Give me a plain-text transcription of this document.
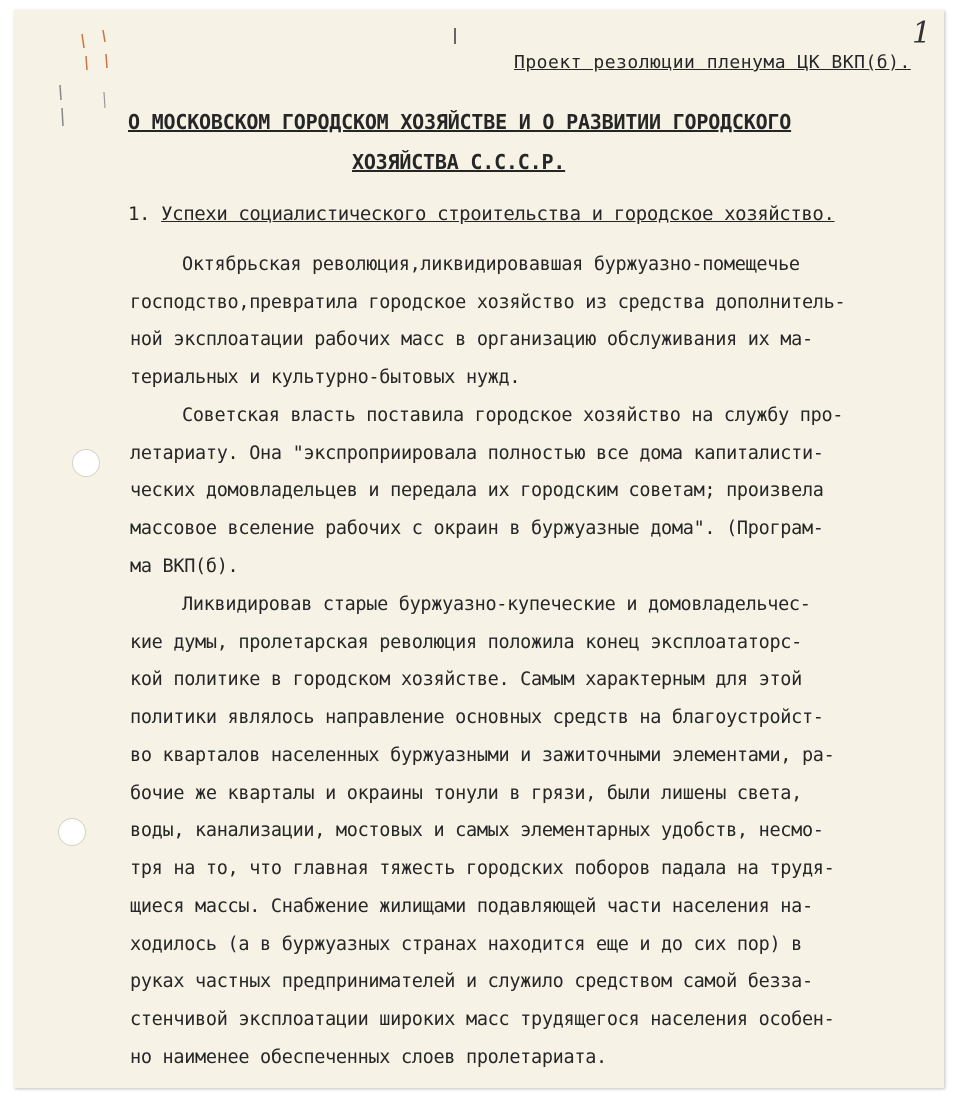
1
Проект резолюции пленума ЦК ВКП(б).
О МОСКОВСКОМ ГОРОДСКОМ ХОЗЯЙСТВЕ И О РАЗВИТИИ ГОРОДСКОГО
ХОЗЯЙСТВА С.С.С.Р.
1. Успехи социалистического строительства и городское хозяйство.
Октябрьская революция,ликвидировавшая буржуазно-помещечье
господство,превратила городское хозяйство из средства дополнитель-
ной эксплоатации рабочих масс в организацию обслуживания их ма-
териальных и культурно-бытовых нужд.
Советская власть поставила городское хозяйство на службу про-
летариату. Она "экспроприировала полностью все дома капиталисти-
ческих домовладельцев и передала их городским советам; произвела
массовое вселение рабочих с окраин в буржуазные дома". (Програм-
ма ВКП(б).
Ликвидировав старые буржуазно-купеческие и домовладельчес-
кие думы, пролетарская революция положила конец эксплоататорс-
кой политике в городском хозяйстве. Самым характерным для этой
политики являлось направление основных средств на благоустройст-
во кварталов населенных буржуазными и зажиточными элементами, ра-
бочие же кварталы и окраины тонули в грязи, были лишены света,
воды, канализации, мостовых и самых элементарных удобств, несмо-
тря на то, что главная тяжесть городских поборов падала на трудя-
щиеся массы. Снабжение жилищами подавляющей части населения на-
ходилось (а в буржуазных странах находится еще и до сих пор) в
руках частных предпринимателей и служило средством самой безза-
стенчивой эксплоатации широких масс трудящегося населения особен-
но наименее обеспеченных слоев пролетариата.
